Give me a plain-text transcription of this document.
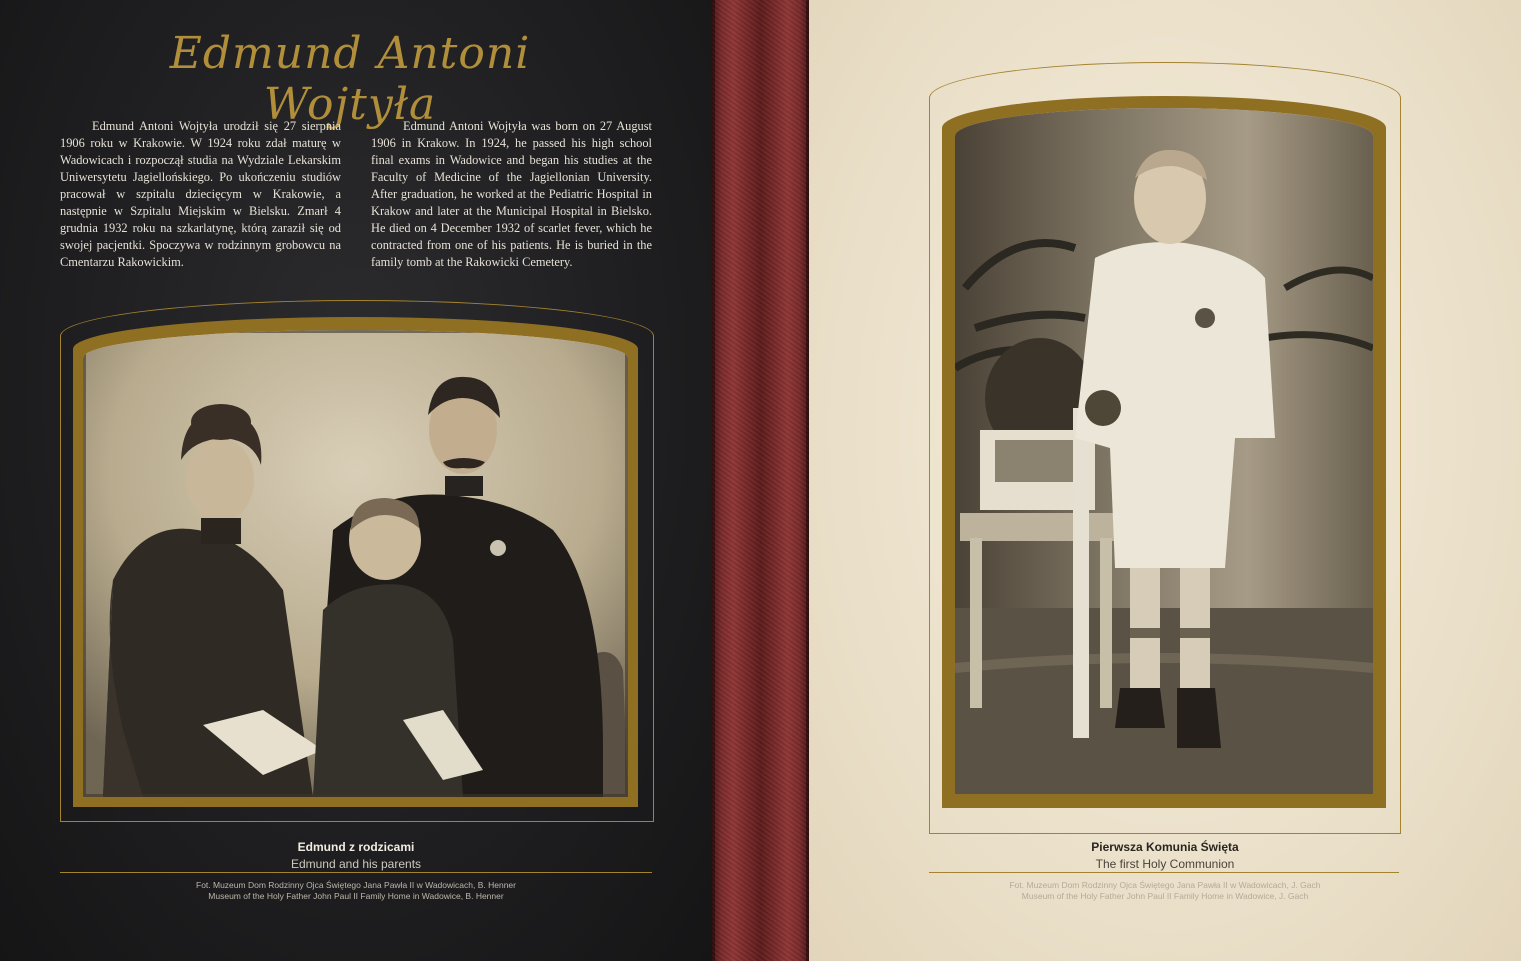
Edmund Antoni Wojtyła

Edmund Antoni Wojtyła urodził się 27 sierpnia 1906 roku w Krakowie. W 1924 roku zdał maturę w Wadowicach i rozpoczął studia na Wydziale Lekarskim Uniwersytetu Jagiellońskiego. Po ukończeniu studiów pracował w szpitalu dziecięcym w Krakowie, a następnie w Szpitalu Miejskim w Bielsku. Zmarł 4 grudnia 1932 roku na szkarlatynę, którą zaraził się od swojej pacjentki. Spoczywa w rodzinnym grobowcu na Cmentarzu Rakowickim.

Edmund Antoni Wojtyła was born on 27 August 1906 in Krakow. In 1924, he passed his high school final exams in Wadowice and began his studies at the Faculty of Medicine of the Jagiellonian University. After graduation, he worked at the Pediatric Hospital in Krakow and later at the Municipal Hospital in Bielsko. He died on 4 December 1932 of scarlet fever, which he contracted from one of his patients. He is buried in the family tomb at the Rakowicki Cemetery.

Edmund z rodzicami
Edmund and his parents
Fot. Muzeum Dom Rodzinny Ojca Świętego Jana Pawła II w Wadowicach, B. Henner
Museum of the Holy Father John Paul II Family Home in Wadowice, B. Henner
Pierwsza Komunia Święta
The first Holy Communion
Fot. Muzeum Dom Rodzinny Ojca Świętego Jana Pawła II w Wadowicach, J. Gach
Museum of the Holy Father John Paul II Family Home in Wadowice, J. Gach
